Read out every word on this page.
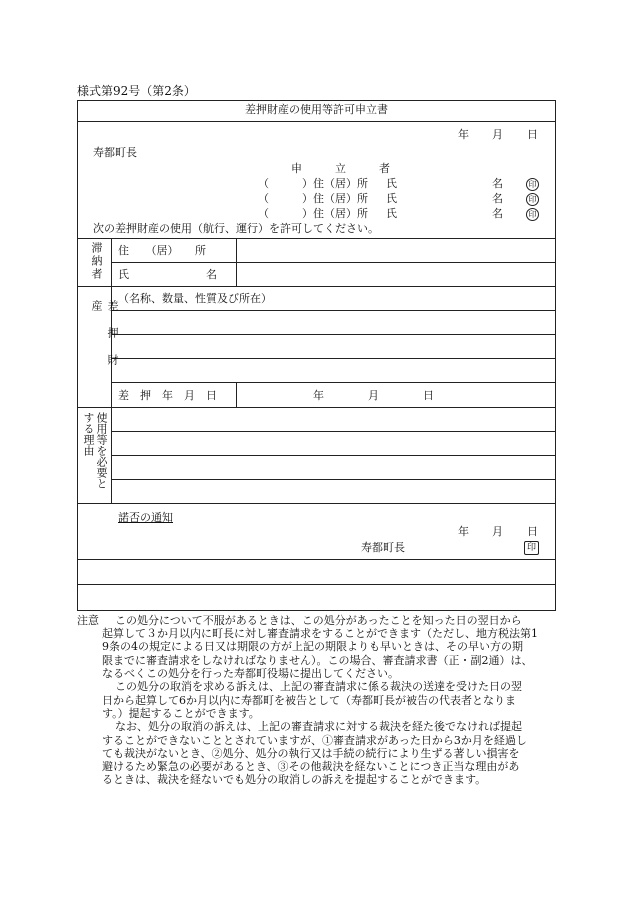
様式第92号（第2条）
差押財産の使用等許可申立書
年 月 日
寿都町長
申　　　立　　　者
（　　　）住（居）所 氏	名	印
（　　　）住（居）所 氏	名	印
（　　　）住（居）所 氏	名	印
次の差押財産の使用（航行、運行）を許可してください。
滞納者 住　　（居）　　所
氏　　　　　　　名
差押財産
（名称、数量、性質及び所在）
差　押　年　月　日	年　　　　月　　　　日
使用等を必要とする理由
諾否の通知
年 月 日
寿都町長	印
注意 この処分について不服があるときは、この処分があったことを知った日の翌日から
起算して３か月以内に町長に対し審査請求をすることができます（ただし、地方税法第1
9条の4の規定による日又は期限の方が上記の期限よりも早いときは、その早い方の期
限までに審査請求をしなければなりません）。この場合、審査請求書（正・副2通）は、
なるべくこの処分を行った寿都町役場に提出してください。
この処分の取消を求める訴えは、上記の審査請求に係る裁決の送達を受けた日の翌
日から起算して6か月以内に寿都町を被告として（寿都町長が被告の代表者となりま
す。）提起することができます。
なお、処分の取消の訴えは、上記の審査請求に対する裁決を経た後でなければ提起
することができないこととされていますが、①審査請求があった日から3か月を経過し
ても裁決がないとき、②処分、処分の執行又は手続の続行により生ずる著しい損害を
避けるため緊急の必要があるとき、③その他裁決を経ないことにつき正当な理由があ
るときは、裁決を経ないでも処分の取消しの訴えを提起することができます。
